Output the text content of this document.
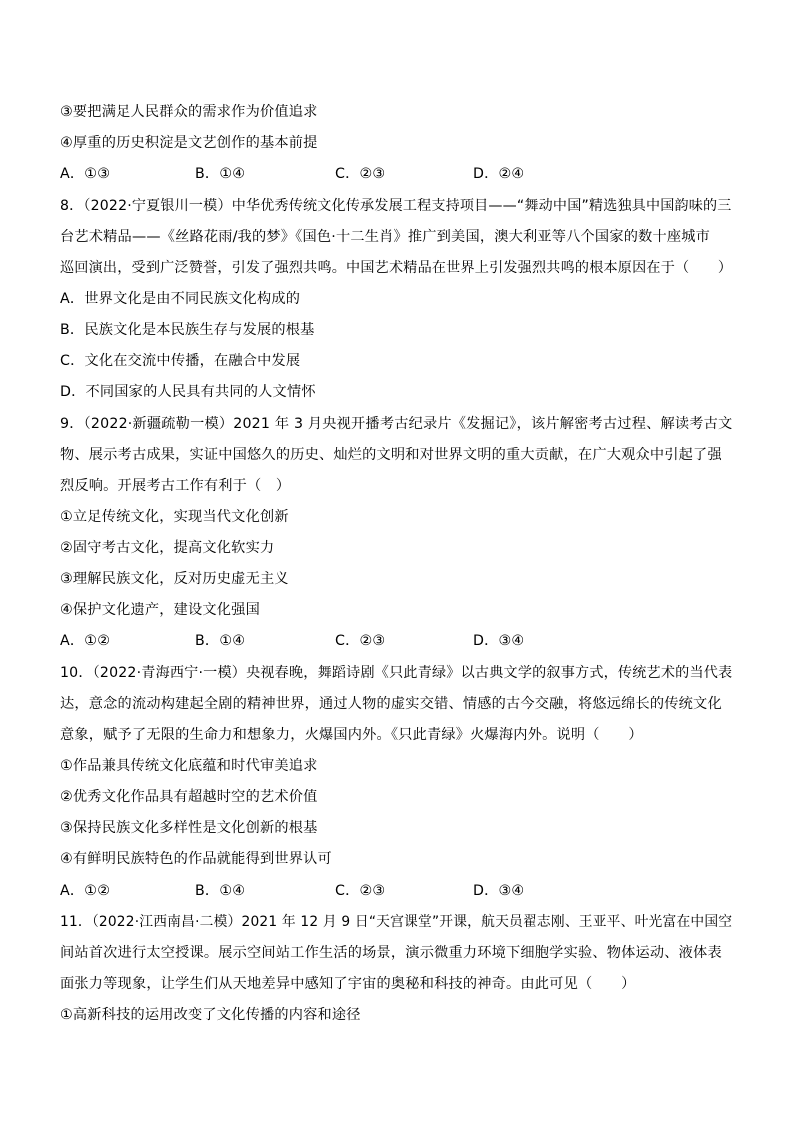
③要把满足人民群众的需求作为价值追求
④厚重的历史积淀是文艺创作的基本前提
A．①③	B．①④	C．②③	D．②④
8．（2022·宁夏银川一模）中华优秀传统文化传承发展工程支持项目——“舞动中国”精选独具中国韵味的三
台艺术精品——《丝路花雨/我的梦》《国色·十二生肖》推广到美国，澳大利亚等八个国家的数十座城市
巡回演出，受到广泛赞誉，引发了强烈共鸣。中国艺术精品在世界上引发强烈共鸣的根本原因在于（　　）
A．世界文化是由不同民族文化构成的
B．民族文化是本民族生存与发展的根基
C．文化在交流中传播，在融合中发展
D．不同国家的人民具有共同的人文情怀
9．（2022·新疆疏勒一模）2021 年 3 月央视开播考古纪录片《发掘记》，该片解密考古过程、解读考古文
物、展示考古成果，实证中国悠久的历史、灿烂的文明和对世界文明的重大贡献，在广大观众中引起了强
烈反响。开展考古工作有利于（　）
①立足传统文化，实现当代文化创新
②固守考古文化，提高文化软实力
③理解民族文化，反对历史虚无主义
④保护文化遗产，建设文化强国
A．①②	B．①④	C．②③	D．③④
10．（2022·青海西宁·一模）央视春晚，舞蹈诗剧《只此青绿》以古典文学的叙事方式，传统艺术的当代表
达，意念的流动构建起全剧的精神世界，通过人物的虚实交错、情感的古今交融，将悠远绵长的传统文化
意象，赋予了无限的生命力和想象力，火爆国内外。《只此青绿》火爆海内外。说明（　　）
①作品兼具传统文化底蕴和时代审美追求
②优秀文化作品具有超越时空的艺术价值
③保持民族文化多样性是文化创新的根基
④有鲜明民族特色的作品就能得到世界认可
A．①②	B．①④	C．②③	D．③④
11．（2022·江西南昌·二模）2021 年 12 月 9 日“天宫课堂”开课，航天员翟志刚、王亚平、叶光富在中国空
间站首次进行太空授课。展示空间站工作生活的场景，演示微重力环境下细胞学实验、物体运动、液体表
面张力等现象，让学生们从天地差异中感知了宇宙的奥秘和科技的神奇。由此可见（　　）
①高新科技的运用改变了文化传播的内容和途径
